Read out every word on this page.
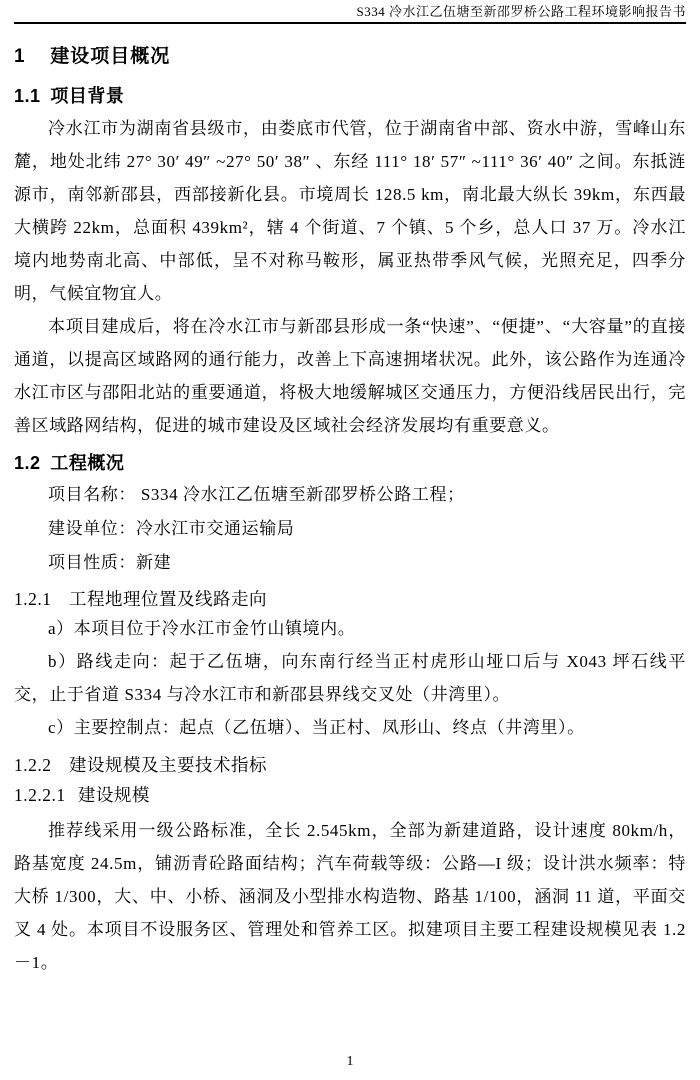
S334 冷水江乙伍塘至新邵罗桥公路工程环境影响报告书
1 建设项目概况
1.1 项目背景

冷水江市为湖南省县级市，由娄底市代管，位于湖南省中部、资水中游，雪峰山东麓，地处北纬 27° 30′ 49″ ~27° 50′ 38″ 、东经 111° 18′ 57″ ~111° 36′ 40″ 之间。东抵涟源市，南邻新邵县，西部接新化县。市境周长 128.5 km，南北最大纵长 39km，东西最大横跨 22km，总面积 439km²，辖 4 个街道、7 个镇、5 个乡，总人口 37 万。冷水江境内地势南北高、中部低，呈不对称马鞍形，属亚热带季风气候，光照充足，四季分明，气候宜物宜人。

本项目建成后，将在冷水江市与新邵县形成一条“快速”、“便捷”、“大容量”的直接通道，以提高区域路网的通行能力，改善上下高速拥堵状况。此外，该公路作为连通冷水江市区与邵阳北站的重要通道，将极大地缓解城区交通压力，方便沿线居民出行，完善区域路网结构，促进的城市建设及区域社会经济发展均有重要意义。

1.2 工程概况

项目名称： S334 冷水江乙伍塘至新邵罗桥公路工程；

建设单位：冷水江市交通运输局

项目性质：新建

1.2.1 工程地理位置及线路走向

a）本项目位于冷水江市金竹山镇境内。

b）路线走向：起于乙伍塘，向东南行经当正村虎形山垭口后与 X043 坪石线平交，止于省道 S334 与冷水江市和新邵县界线交叉处（井湾里）。

c）主要控制点：起点（乙伍塘）、当正村、凤形山、终点（井湾里）。

1.2.2 建设规模及主要技术指标
1.2.2.1 建设规模

推荐线采用一级公路标准，全长 2.545km，全部为新建道路，设计速度 80km/h，路基宽度 24.5m，铺沥青砼路面结构；汽车荷载等级：公路—I 级；设计洪水频率：特大桥 1/300，大、中、小桥、涵洞及小型排水构造物、路基 1/100，涵洞 11 道，平面交叉 4 处。本项目不设服务区、管理处和管养工区。拟建项目主要工程建设规模见表 1.2－1。

1
